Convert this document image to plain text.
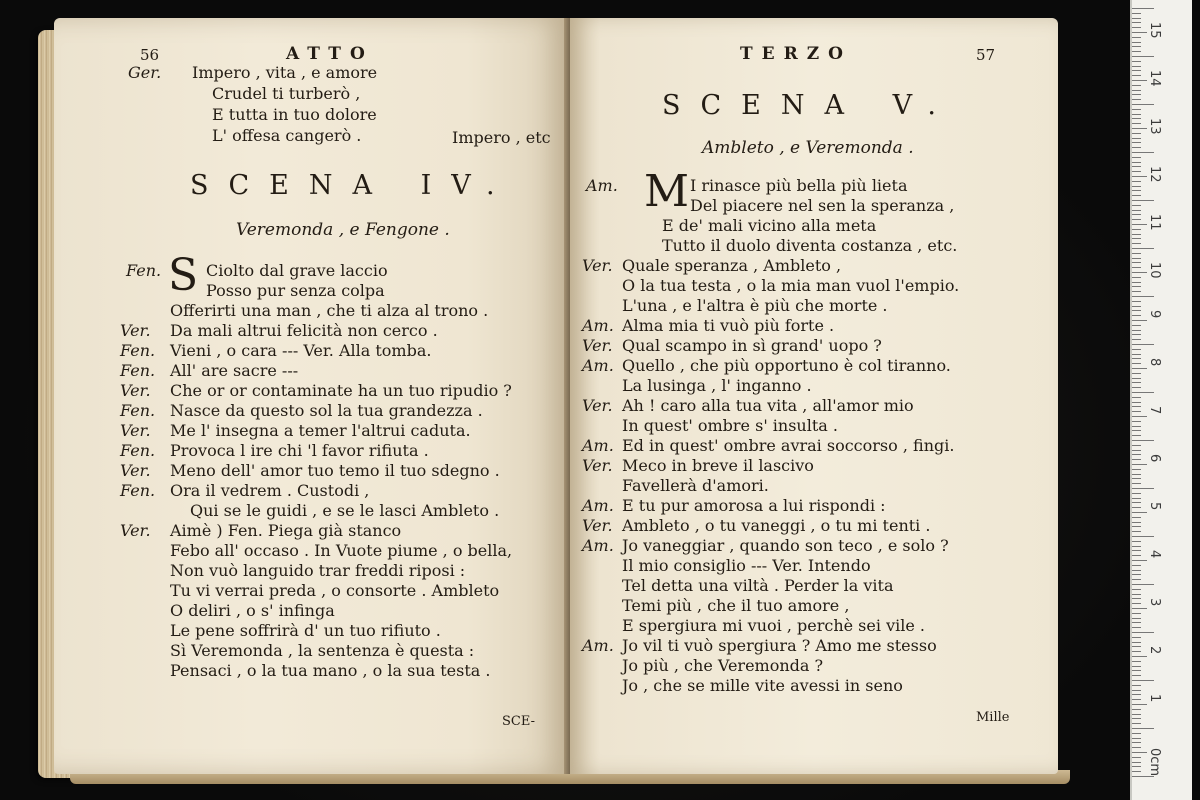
56	ATTO
Ger. Impero , vita , e amore
Crudel ti turberò ,
E tutta in tuo dolore
L' offesa cangerò .	Impero , etc
SCENA IV.
Veremonda , e Fengone .
Fen. S Ciolto dal grave laccio
Posso pur senza colpa
Offerirti una man , che ti alza al trono .
Ver. Da mali altrui felicità non cerco .
Fen. Vieni , o cara --- Ver. Alla tomba.
Fen. All' are sacre ---
Ver. Che or or contaminate ha un tuo ripudio ?
Fen. Nasce da questo sol la tua grandezza .
Ver. Me l' insegna a temer l'altrui caduta.
Fen. Provoca l ire chi 'l favor rifiuta .
Ver. Meno dell' amor tuo temo il tuo sdegno .
Fen. Ora il vedrem . Custodi ,
Qui se le guidi , e se le lasci Ambleto .
Ver. Aimè ) Fen. Piega già stanco
Febo all' occaso . In Vuote piume , o bella,
Non vuò languido trar freddi riposi :
Tu vi verrai preda , o consorte . Ambleto
O deliri , o s' infinga
Le pene soffrirà d' un tuo rifiuto .
Sì Veremonda , la sentenza è questa :
Pensaci , o la tua mano , o la sua testa .
SCE-
TERZO	57
SCENA V.
Ambleto , e Veremonda .
Am. M I rinasce più bella più lieta
Del piacere nel sen la speranza ,
E de' mali vicino alla meta
Tutto il duolo diventa costanza , etc.
Ver. Quale speranza , Ambleto ,
O la tua testa , o la mia man vuol l'empio.
L'una , e l'altra è più che morte .
Am. Alma mia ti vuò più forte .
Ver. Qual scampo in sì grand' uopo ?
Am. Quello , che più opportuno è col tiranno.
La lusinga , l' inganno .
Ver. Ah ! caro alla tua vita , all'amor mio
In quest' ombre s' insulta .
Am. Ed in quest' ombre avrai soccorso , fingi.
Ver. Meco in breve il lascivo
Favellerà d'amori.
Am. E tu pur amorosa a lui rispondi :
Ver. Ambleto , o tu vaneggi , o tu mi tenti .
Am. Jo vaneggiar , quando son teco , e solo ?
Il mio consiglio --- Ver. Intendo
Tel detta una viltà . Perder la vita
Temi più , che il tuo amore ,
E spergiura mi vuoi , perchè sei vile .
Am. Jo vil ti vuò spergiura ? Amo me stesso
Jo più , che Veremonda ?
Jo , che se mille vite avessi in seno
Mille
15
14
13
12
11
10
9
8
7
6
5
4
3
2
1
0cm
